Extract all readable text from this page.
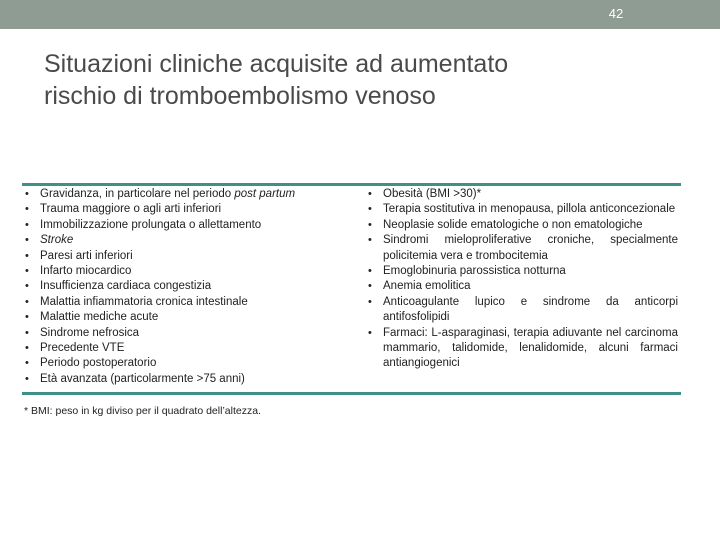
42
Situazioni cliniche acquisite ad aumentato
rischio di tromboembolismo venoso
• Gravidanza, in particolare nel periodo post partum
• Trauma maggiore o agli arti inferiori
• Immobilizzazione prolungata o allettamento
• Stroke
• Paresi arti inferiori
• Infarto miocardico
• Insufficienza cardiaca congestizia
• Malattia infiammatoria cronica intestinale
• Malattie mediche acute
• Sindrome nefrosica
• Precedente VTE
• Periodo postoperatorio
• Età avanzata (particolarmente >75 anni)
• Obesità (BMI >30)*
• Terapia sostitutiva in menopausa, pillola anticoncezionale
• Neoplasie solide ematologiche o non ematologiche
• Sindromi mieloproliferative croniche, specialmente policitemia vera e trombocitemia
• Emoglobinuria parossistica notturna
• Anemia emolitica
• Anticoagulante lupico e sindrome da anticorpi antifosfolipidi
• Farmaci: L-asparaginasi, terapia adiuvante nel carcinoma mammario, talidomide, lenalidomide, alcuni farmaci antiangiogenici
* BMI: peso in kg diviso per il quadrato dell’altezza.
